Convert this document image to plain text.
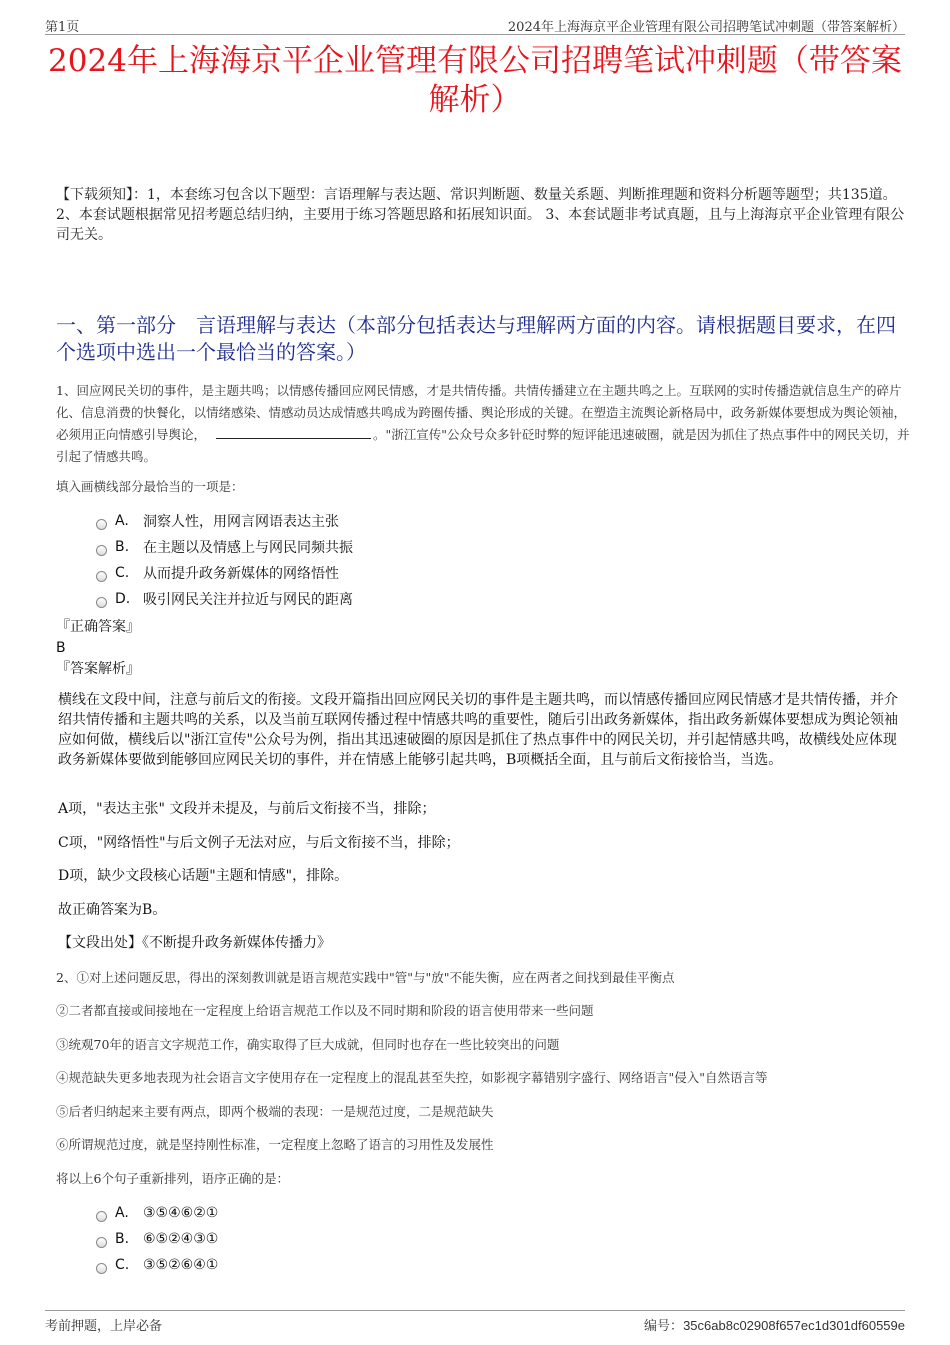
第1页	2024年上海海京平企业管理有限公司招聘笔试冲刺题（带答案解析）
2024年上海海京平企业管理有限公司招聘笔试冲刺题（带答案解析）
【下载须知】：1，本套练习包含以下题型：言语理解与表达题、常识判断题、数量关系题、判断推理题和资料分析题等题型；共135道。 2、本套试题根据常见招考题总结归纳，主要用于练习答题思路和拓展知识面。 3、本套试题非考试真题，且与上海海京平企业管理有限公司无关。
一、第一部分　言语理解与表达（本部分包括表达与理解两方面的内容。请根据题目要求，在四个选项中选出一个最恰当的答案。）
1、回应网民关切的事件，是主题共鸣；以情感传播回应网民情感，才是共情传播。共情传播建立在主题共鸣之上。互联网的实时传播造就信息生产的碎片化、信息消费的快餐化，以情绪感染、情感动员达成情感共鸣成为跨圈传播、舆论形成的关键。在塑造主流舆论新格局中，政务新媒体要想成为舆论领袖，必须用正向情感引导舆论，	。"浙江宣传"公众号众多针砭时弊的短评能迅速破圈，就是因为抓住了热点事件中的网民关切，并引起了情感共鸣。
填入画横线部分最恰当的一项是：
A.	洞察人性，用网言网语表达主张
B. 在主题以及情感上与网民同频共振
C. 从而提升政务新媒体的网络悟性
D. 吸引网民关注并拉近与网民的距离
『正确答案』
B
『答案解析』
横线在文段中间，注意与前后文的衔接。文段开篇指出回应网民关切的事件是主题共鸣，而以情感传播回应网民情感才是共情传播，并介绍共情传播和主题共鸣的关系，以及当前互联网传播过程中情感共鸣的重要性，随后引出政务新媒体，指出政务新媒体要想成为舆论领袖应如何做，横线后以"浙江宣传"公众号为例，指出其迅速破圈的原因是抓住了热点事件中的网民关切，并引起情感共鸣，故横线处应体现政务新媒体要做到能够回应网民关切的事件，并在情感上能够引起共鸣，B项概括全面，且与前后文衔接恰当，当选。
A项，"表达主张" 文段并未提及，与前后文衔接不当，排除；
C项，"网络悟性"与后文例子无法对应，与后文衔接不当，排除；
D项，缺少文段核心话题"主题和情感"，排除。
故正确答案为B。
【文段出处】《不断提升政务新媒体传播力》
2、①对上述问题反思，得出的深刻教训就是语言规范实践中"管"与"放"不能失衡，应在两者之间找到最佳平衡点
②二者都直接或间接地在一定程度上给语言规范工作以及不同时期和阶段的语言使用带来一些问题
③统观70年的语言文字规范工作，确实取得了巨大成就，但同时也存在一些比较突出的问题
④规范缺失更多地表现为社会语言文字使用存在一定程度上的混乱甚至失控，如影视字幕错别字盛行、网络语言"侵入"自然语言等
⑤后者归纳起来主要有两点，即两个极端的表现：一是规范过度，二是规范缺失
⑥所谓规范过度，就是坚持刚性标准，一定程度上忽略了语言的习用性及发展性
将以上6个句子重新排列，语序正确的是：
A.	③⑤④⑥②①
B. ⑥⑤②④③①
C. ③⑤②⑥④①
考前押题，上岸必备	编号：35c6ab8c02908f657ec1d301df60559e
